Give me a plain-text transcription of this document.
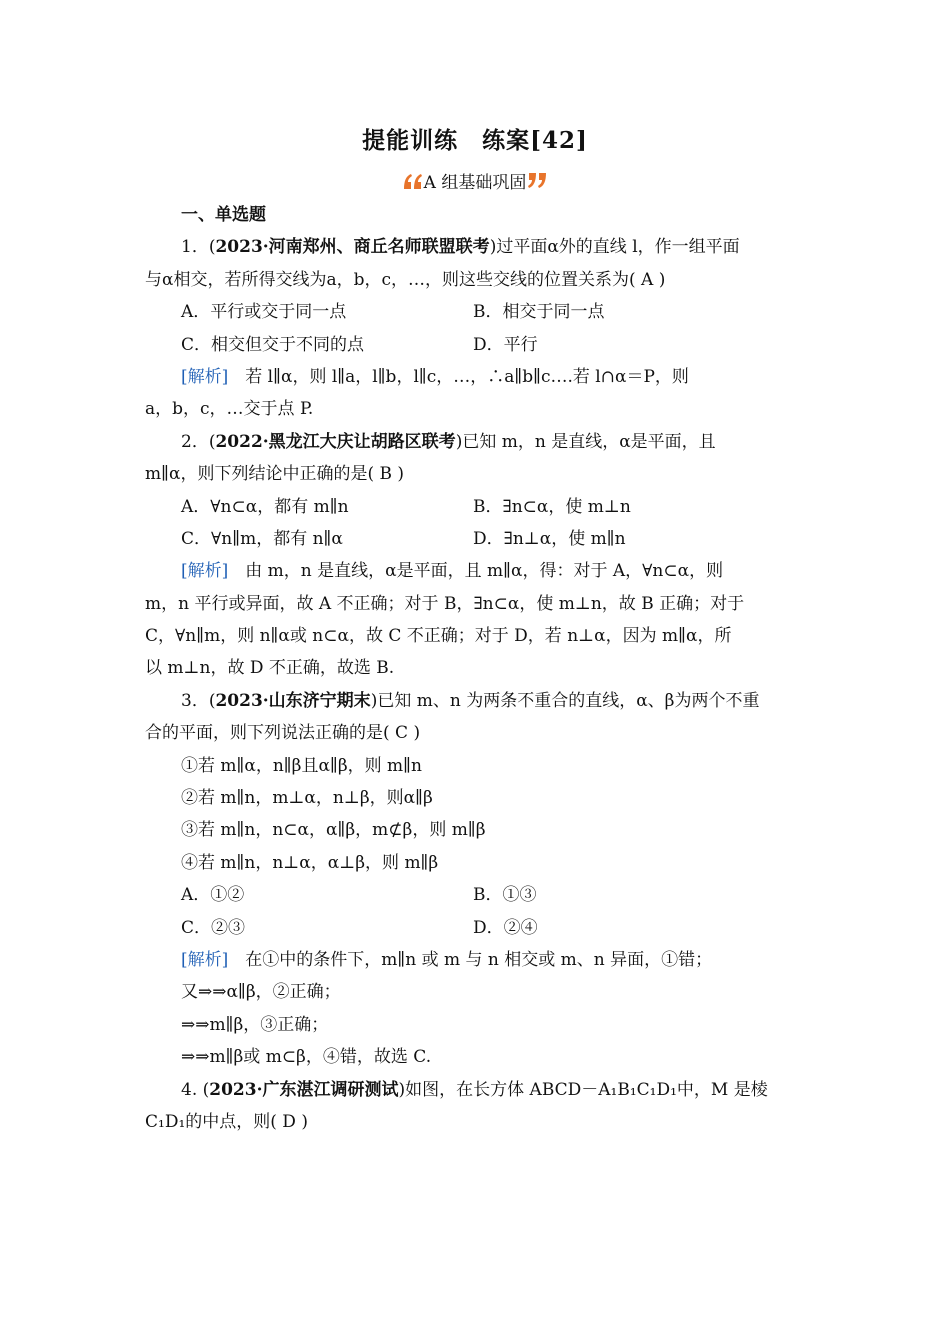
提能训练　练案[42]
A 组基础巩固
一、单选题
1．(2023·河南郑州、商丘名师联盟联考)过平面α外的直线 l，作一组平面
与α相交，若所得交线为a，b，c，…，则这些交线的位置关系为( A )
A．平行或交于同一点	B．相交于同一点
C．相交但交于不同的点	D．平行
[解析]　若 l∥α，则 l∥a，l∥b，l∥c，…，∴a∥b∥c….若 l∩α＝P，则
a，b，c，…交于点 P.
2．(2022·黑龙江大庆让胡路区联考)已知 m，n 是直线，α是平面，且
m∥α，则下列结论中正确的是( B )
A．∀n⊂α，都有 m∥n	B．∃n⊂α，使 m⊥n
C．∀n∥m，都有 n∥α	D．∃n⊥α，使 m∥n
[解析]　由 m，n 是直线，α是平面，且 m∥α，得：对于 A，∀n⊂α，则
m，n 平行或异面，故 A 不正确；对于 B，∃n⊂α，使 m⊥n，故 B 正确；对于
C，∀n∥m，则 n∥α或 n⊂α，故 C 不正确；对于 D，若 n⊥α，因为 m∥α，所
以 m⊥n，故 D 不正确，故选 B.
3．(2023·山东济宁期末)已知 m、n 为两条不重合的直线，α、β为两个不重
合的平面，则下列说法正确的是( C )
①若 m∥α，n∥β且α∥β，则 m∥n
②若 m∥n，m⊥α，n⊥β，则α∥β
③若 m∥n，n⊂α，α∥β，m⊄β，则 m∥β
④若 m∥n，n⊥α，α⊥β，则 m∥β
A．①②	B．①③
C．②③	D．②④
[解析]　在①中的条件下，m∥n 或 m 与 n 相交或 m、n 异面，①错；
又⇒⇒α∥β，②正确；
⇒⇒m∥β，③正确；
⇒⇒m∥β或 m⊂β，④错，故选 C.
4. (2023·广东湛江调研测试)如图，在长方体 ABCD－A₁B₁C₁D₁中，M 是棱
C₁D₁的中点，则( D )
